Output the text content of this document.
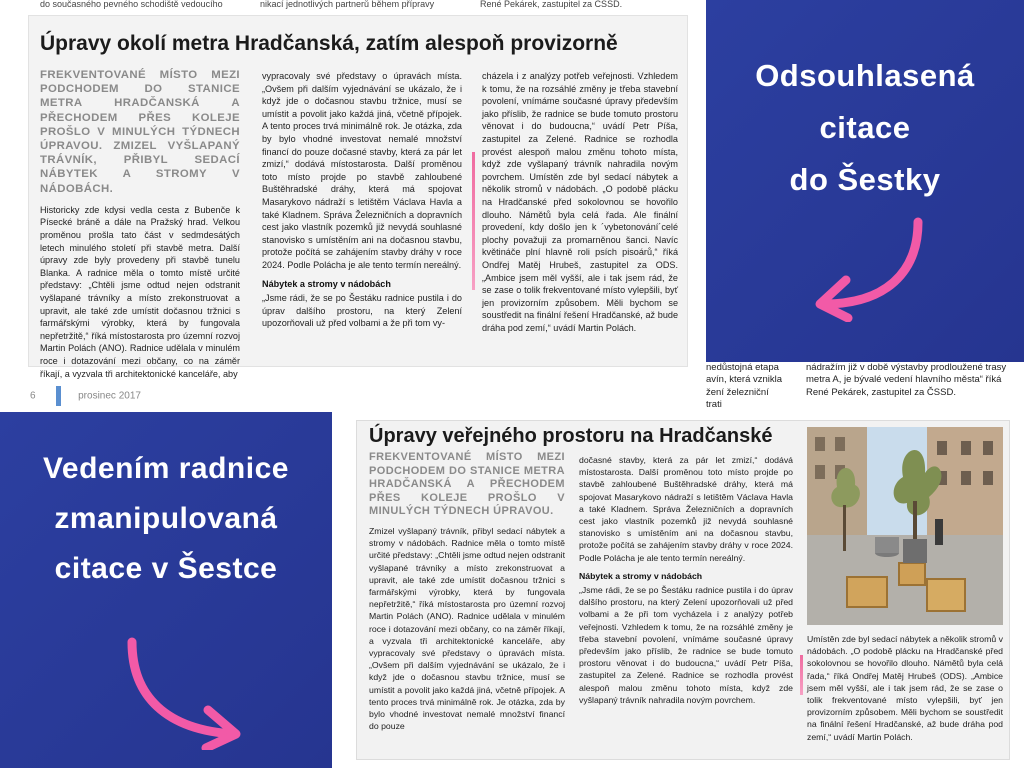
do současného pevného schodiště vedoucího	nikací jednotlivých partnerů během přípravy	René Pekárek, zastupitel za ČSSD.
Úpravy okolí metra Hradčanská, zatím alespoň provizorně

FREKVENTOVANÉ MÍSTO MEZI PODCHODEM DO STANICE METRA HRADČANSKÁ A PŘECHODEM PŘES KOLEJE PROŠLO V MINULÝCH TÝDNECH ÚPRAVOU. ZMIZEL VYŠLAPANÝ TRÁVNÍK, PŘIBYL SEDACÍ NÁBYTEK A STROMY V NÁDOBÁCH.

Historicky zde kdysi vedla cesta z Bubenče k Písecké bráně a dále na Pražský hrad. Velkou proměnou prošla tato část v sedmdesátých letech minulého století při stavbě metra. Další úpravy zde byly provedeny při stavbě tunelu Blanka. A radnice měla o tomto místě určité představy: „Chtěli jsme odtud nejen odstranit vyšlapané trávníky a místo zrekonstruovat a upravit, ale také zde umístit dočasnou tržnici s farmářskými výrobky, která by fungovala nepřetržitě,“ říká místostarosta pro územní rozvoj Martin Polách (ANO). Radnice udělala v minulém roce i dotazování mezi občany, co na záměr říkají, a vyzvala tři architektonické kanceláře, aby

vypracovaly své představy o úpravách místa. „Ovšem při dalším vyjednávání se ukázalo, že i když jde o dočasnou stavbu tržnice, musí se umístit a povolit jako každá jiná, včetně přípojek. A tento proces trvá minimálně rok. Je otázka, zda by bylo vhodné investovat nemalé množství financí do pouze dočasné stavby, která za pár let zmizí,“ dodává místostarosta. Další proměnou toto místo projde po stavbě zahloubené Buštěhradské dráhy, která má spojovat Masarykovo nádraží s letištěm Václava Havla a také Kladnem. Správa Železničních a dopravních cest jako vlastník pozemků již nevydá souhlasné stanovisko s umístěním ani na dočasnou stavbu, protože počítá se zahájením stavby dráhy v roce 2024. Podle Polácha je ale tento termín nereálný.

Nábytek a stromy v nádobách

„Jsme rádi, že se po Šestáku radnice pustila i do úprav dalšího prostoru, na který Zelení upozorňovali už před volbami a že při tom vy-

cházela i z analýzy potřeb veřejnosti. Vzhledem k tomu, že na rozsáhlé změny je třeba stavební povolení, vnímáme současné úpravy především jako příslib, že radnice se bude tomuto prostoru věnovat i do budoucna,“ uvádí Petr Píša, zastupitel za Zelené. Radnice se rozhodla provést alespoň malou změnu tohoto místa, když zde vyšlapaný trávník nahradila novým povrchem. Umístěn zde byl sedací nábytek a několik stromů v nádobách. „O podobě plácku na Hradčanské před sokolovnou se hovořilo dlouho. Námětů byla celá řada. Ale finální provedení, kdy došlo jen k ´vybetonování´celé plochy považuji za promarněnou šanci. Navíc květináče plní hlavně roli psích pisoárů,“ říká Ondřej Matěj Hrubeš, zastupitel za ODS. „Ambice jsem měl vyšší, ale i tak jsem rád, že se zase o tolik frekventované místo vylepšili, byť jen provizorním způsobem. Měli bychom se soustředit na finální řešení Hradčanské, až bude dráha pod zemí,“ uvádí Martin Polách.

6	prosinec 2017
Odsouhlasená
citace
do Šestky
nedůstojná etapa avín, která vznikla žení železniční trati
nádražím již v době výstavby prodloužené trasy metra A, je bývalé vedení hlavního města“ říká René Pekárek, zastupitel za ČSSD.
Vedením radnice
zmanipulovaná
citace v Šestce
Úpravy veřejného prostoru na Hradčanské

FREKVENTOVANÉ MÍSTO MEZI PODCHODEM DO STANICE METRA HRADČANSKÁ A PŘECHODEM PŘES KOLEJE PROŠLO V MINULÝCH TÝDNECH ÚPRAVOU.

Zmizel vyšlapaný trávník, přibyl sedací nábytek a stromy v nádobách. Radnice měla o tomto místě určité představy: „Chtěli jsme odtud nejen odstranit vyšlapané trávníky a místo zrekonstruovat a upravit, ale také zde umístit dočasnou tržnici s farmářskými výrobky, která by fungovala nepřetržitě,“ říká místostarosta pro územní rozvoj Martin Polách (ANO). Radnice udělala v minulém roce i dotazování mezi občany, co na záměr říkají, a vyzvala tři architektonické kanceláře, aby vypracovaly své představy o úpravách místa. „Ovšem při dalším vyjednávání se ukázalo, že i když jde o dočasnou stavbu tržnice, musí se umístit a povolit jako každá jiná, včetně přípojek. A tento proces trvá minimálně rok. Je otázka, zda by bylo vhodné investovat nemalé množství financí do pouze

dočasné stavby, která za pár let zmizí,“ dodává místostarosta. Další proměnou toto místo projde po stavbě zahloubené Buštěhradské dráhy, která má spojovat Masarykovo nádraží s letištěm Václava Havla a také Kladnem. Správa Železničních a dopravních cest jako vlastník pozemků již nevydá souhlasné stanovisko s umístěním ani na dočasnou stavbu, protože počítá se zahájením stavby dráhy v roce 2024. Podle Polácha je ale tento termín nereálný.

Nábytek a stromy v nádobách

„Jsme rádi, že se po Šestáku radnice pustila i do úprav dalšího prostoru, na který Zelení upozorňovali už před volbami a že při tom vycházela i z analýzy potřeb veřejnosti. Vzhledem k tomu, že na rozsáhlé změny je třeba stavební povolení, vnímáme současné úpravy především jako příslib, že radnice se bude tomuto prostoru věnovat i do budoucna,“ uvádí Petr Píša, zastupitel za Zelené. Radnice se rozhodla provést alespoň malou změnu tohoto místa, když zde vyšlapaný trávník nahradila novým povrchem.

Umístěn zde byl sedací nábytek a několik stromů v nádobách. „O podobě plácku na Hradčanské před sokolovnou se hovořilo dlouho. Námětů byla celá řada,“ říká Ondřej Matěj Hrubeš (ODS). „Ambice jsem měl vyšší, ale i tak jsem rád, že se zase o tolik frekventované místo vylepšili, byť jen provizorním způsobem. Měli bychom se soustředit na finální řešení Hradčanské, až bude dráha pod zemí,“ uvádí Martin Polách.
